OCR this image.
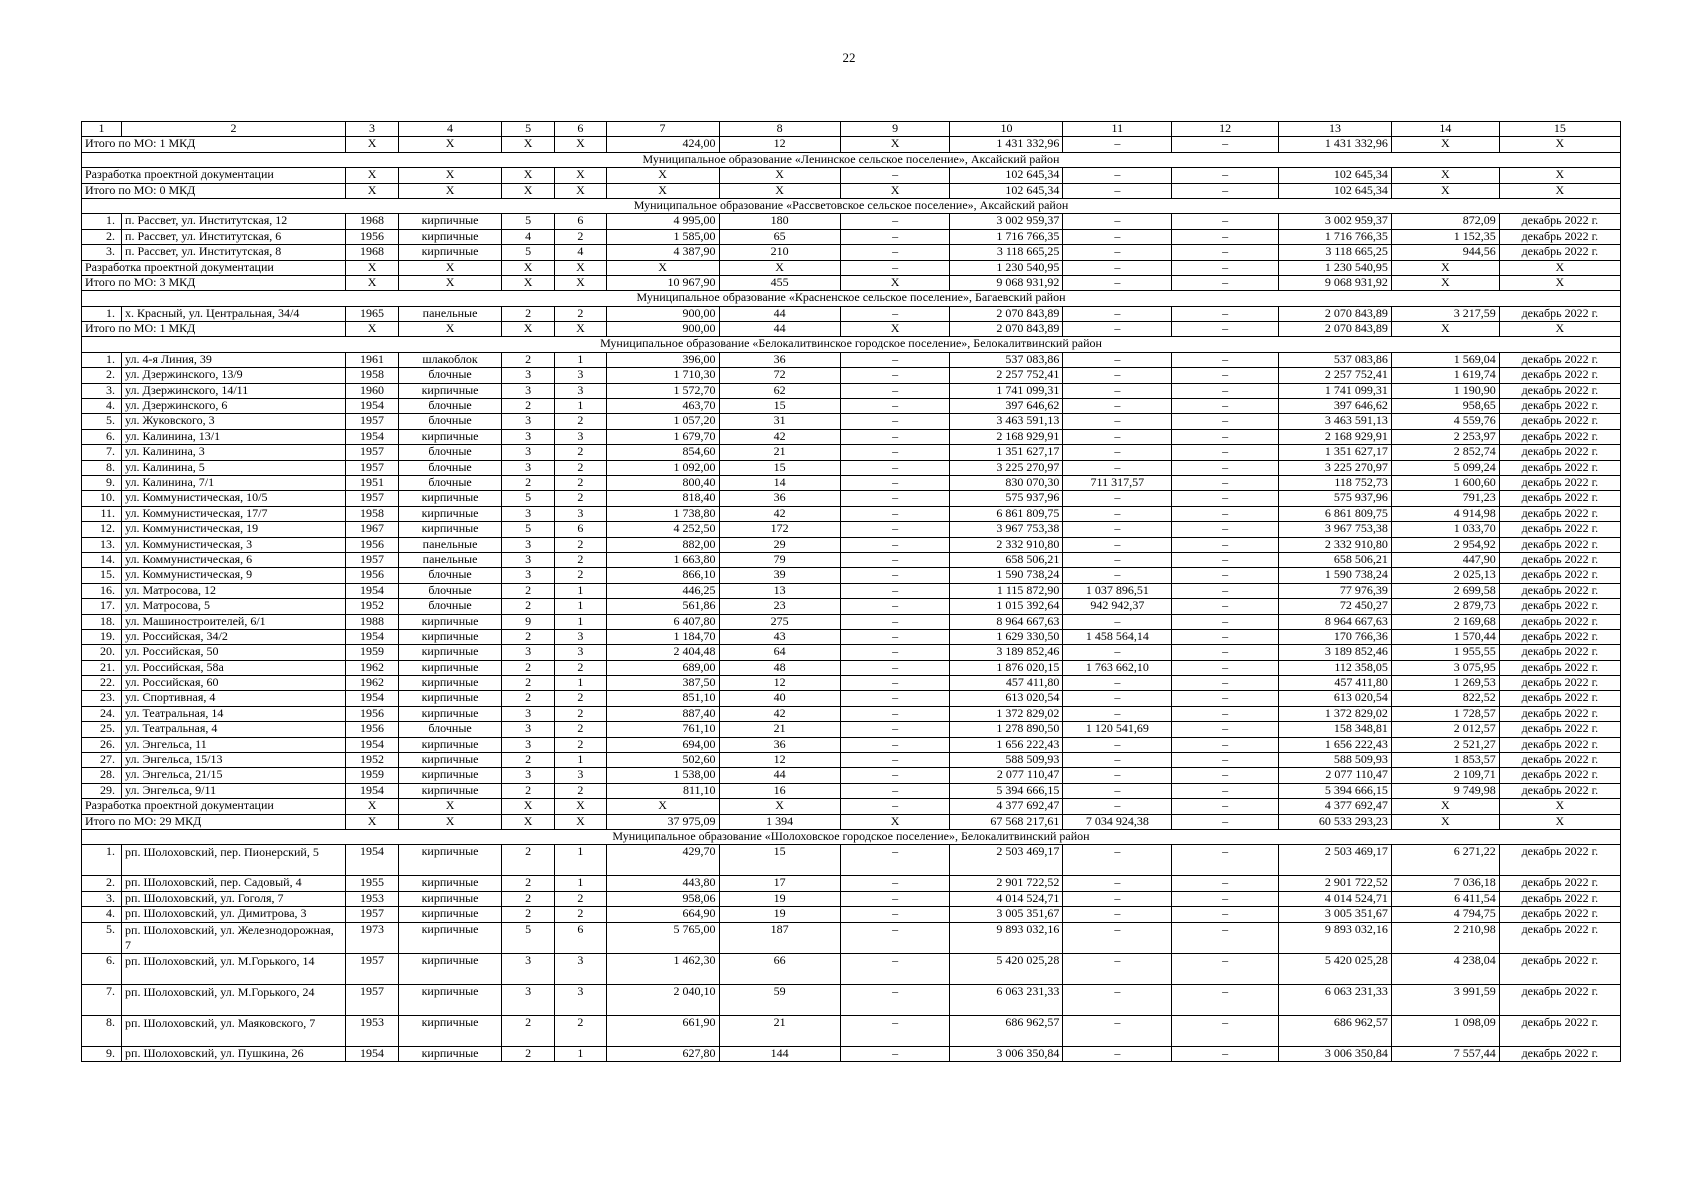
22
1	2	3	4	5	6	7	8	9	10	11	12	13	14	15
Итого по МО: 1 МКД		X	X	X	X	424,00	12	X	1 431 332,96	–	–	1 431 332,96	X	X
Муниципальное образование «Ленинское сельское поселение», Аксайский район														
Разработка проектной документации		X	X	X	X	X	X	–	102 645,34	–	–	102 645,34	X	X
Итого по МО: 0 МКД		X	X	X	X	X	X	X	102 645,34	–	–	102 645,34	X	X
Муниципальное образование «Рассветовское сельское поселение», Аксайский район														
1.	п. Рассвет, ул. Институтская, 12	1968	кирпичные	5	6	4 995,00	180	–	3 002 959,37	–	–	3 002 959,37	872,09	декабрь 2022 г.
2.	п. Рассвет, ул. Институтская, 6	1956	кирпичные	4	2	1 585,00	65	–	1 716 766,35	–	–	1 716 766,35	1 152,35	декабрь 2022 г.
3.	п. Рассвет, ул. Институтская, 8	1968	кирпичные	5	4	4 387,90	210	–	3 118 665,25	–	–	3 118 665,25	944,56	декабрь 2022 г.
Разработка проектной документации		X	X	X	X	X	X	–	1 230 540,95	–	–	1 230 540,95	X	X
Итого по МО: 3 МКД		X	X	X	X	10 967,90	455	X	9 068 931,92	–	–	9 068 931,92	X	X
Муниципальное образование «Красненское сельское поселение», Багаевский район														
1.	х. Красный, ул. Центральная, 34/4	1965	панельные	2	2	900,00	44	–	2 070 843,89	–	–	2 070 843,89	3 217,59	декабрь 2022 г.
Итого по МО: 1 МКД		X	X	X	X	900,00	44	X	2 070 843,89	–	–	2 070 843,89	X	X
Муниципальное образование «Белокалитвинское городское поселение», Белокалитвинский район														
1.	ул. 4-я Линия, 39	1961	шлакоблок	2	1	396,00	36	–	537 083,86	–	–	537 083,86	1 569,04	декабрь 2022 г.
2.	ул. Дзержинского, 13/9	1958	блочные	3	3	1 710,30	72	–	2 257 752,41	–	–	2 257 752,41	1 619,74	декабрь 2022 г.
3.	ул. Дзержинского, 14/11	1960	кирпичные	3	3	1 572,70	62	–	1 741 099,31	–	–	1 741 099,31	1 190,90	декабрь 2022 г.
4.	ул. Дзержинского, 6	1954	блочные	2	1	463,70	15	–	397 646,62	–	–	397 646,62	958,65	декабрь 2022 г.
5.	ул. Жуковского, 3	1957	блочные	3	2	1 057,20	31	–	3 463 591,13	–	–	3 463 591,13	4 559,76	декабрь 2022 г.
6.	ул. Калинина, 13/1	1954	кирпичные	3	3	1 679,70	42	–	2 168 929,91	–	–	2 168 929,91	2 253,97	декабрь 2022 г.
7.	ул. Калинина, 3	1957	блочные	3	2	854,60	21	–	1 351 627,17	–	–	1 351 627,17	2 852,74	декабрь 2022 г.
8.	ул. Калинина, 5	1957	блочные	3	2	1 092,00	15	–	3 225 270,97	–	–	3 225 270,97	5 099,24	декабрь 2022 г.
9.	ул. Калинина, 7/1	1951	блочные	2	2	800,40	14	–	830 070,30	711 317,57	–	118 752,73	1 600,60	декабрь 2022 г.
10.	ул. Коммунистическая, 10/5	1957	кирпичные	5	2	818,40	36	–	575 937,96	–	–	575 937,96	791,23	декабрь 2022 г.
11.	ул. Коммунистическая, 17/7	1958	кирпичные	3	3	1 738,80	42	–	6 861 809,75	–	–	6 861 809,75	4 914,98	декабрь 2022 г.
12.	ул. Коммунистическая, 19	1967	кирпичные	5	6	4 252,50	172	–	3 967 753,38	–	–	3 967 753,38	1 033,70	декабрь 2022 г.
13.	ул. Коммунистическая, 3	1956	панельные	3	2	882,00	29	–	2 332 910,80	–	–	2 332 910,80	2 954,92	декабрь 2022 г.
14.	ул. Коммунистическая, 6	1957	панельные	3	2	1 663,80	79	–	658 506,21	–	–	658 506,21	447,90	декабрь 2022 г.
15.	ул. Коммунистическая, 9	1956	блочные	3	2	866,10	39	–	1 590 738,24	–	–	1 590 738,24	2 025,13	декабрь 2022 г.
16.	ул. Матросова, 12	1954	блочные	2	1	446,25	13	–	1 115 872,90	1 037 896,51	–	77 976,39	2 699,58	декабрь 2022 г.
17.	ул. Матросова, 5	1952	блочные	2	1	561,86	23	–	1 015 392,64	942 942,37	–	72 450,27	2 879,73	декабрь 2022 г.
18.	ул. Машиностроителей, 6/1	1988	кирпичные	9	1	6 407,80	275	–	8 964 667,63	–	–	8 964 667,63	2 169,68	декабрь 2022 г.
19.	ул. Российская, 34/2	1954	кирпичные	2	3	1 184,70	43	–	1 629 330,50	1 458 564,14	–	170 766,36	1 570,44	декабрь 2022 г.
20.	ул. Российская, 50	1959	кирпичные	3	3	2 404,48	64	–	3 189 852,46	–	–	3 189 852,46	1 955,55	декабрь 2022 г.
21.	ул. Российская, 58а	1962	кирпичные	2	2	689,00	48	–	1 876 020,15	1 763 662,10	–	112 358,05	3 075,95	декабрь 2022 г.
22.	ул. Российская, 60	1962	кирпичные	2	1	387,50	12	–	457 411,80	–	–	457 411,80	1 269,53	декабрь 2022 г.
23.	ул. Спортивная, 4	1954	кирпичные	2	2	851,10	40	–	613 020,54	–	–	613 020,54	822,52	декабрь 2022 г.
24.	ул. Театральная, 14	1956	кирпичные	3	2	887,40	42	–	1 372 829,02	–	–	1 372 829,02	1 728,57	декабрь 2022 г.
25.	ул. Театральная, 4	1956	блочные	3	2	761,10	21	–	1 278 890,50	1 120 541,69	–	158 348,81	2 012,57	декабрь 2022 г.
26.	ул. Энгельса, 11	1954	кирпичные	3	2	694,00	36	–	1 656 222,43	–	–	1 656 222,43	2 521,27	декабрь 2022 г.
27.	ул. Энгельса, 15/13	1952	кирпичные	2	1	502,60	12	–	588 509,93	–	–	588 509,93	1 853,57	декабрь 2022 г.
28.	ул. Энгельса, 21/15	1959	кирпичные	3	3	1 538,00	44	–	2 077 110,47	–	–	2 077 110,47	2 109,71	декабрь 2022 г.
29.	ул. Энгельса, 9/11	1954	кирпичные	2	2	811,10	16	–	5 394 666,15	–	–	5 394 666,15	9 749,98	декабрь 2022 г.
Разработка проектной документации		X	X	X	X	X	X	–	4 377 692,47	–	–	4 377 692,47	X	X
Итого по МО: 29 МКД		X	X	X	X	37 975,09	1 394	X	67 568 217,61	7 034 924,38	–	60 533 293,23	X	X
Муниципальное образование «Шолоховское городское поселение», Белокалитвинский район														
1.	рп. Шолоховский, пер. Пионерский, 5	1954	кирпичные	2	1	429,70	15	–	2 503 469,17	–	–	2 503 469,17	6 271,22	декабрь 2022 г.
2.	рп. Шолоховский, пер. Садовый, 4	1955	кирпичные	2	1	443,80	17	–	2 901 722,52	–	–	2 901 722,52	7 036,18	декабрь 2022 г.
3.	рп. Шолоховский, ул. Гоголя, 7	1953	кирпичные	2	2	958,06	19	–	4 014 524,71	–	–	4 014 524,71	6 411,54	декабрь 2022 г.
4.	рп. Шолоховский, ул. Димитрова, 3	1957	кирпичные	2	2	664,90	19	–	3 005 351,67	–	–	3 005 351,67	4 794,75	декабрь 2022 г.
5.	рп. Шолоховский, ул. Железнодорожная, 7	1973	кирпичные	5	6	5 765,00	187	–	9 893 032,16	–	–	9 893 032,16	2 210,98	декабрь 2022 г.
6.	рп. Шолоховский, ул. М.Горького, 14	1957	кирпичные	3	3	1 462,30	66	–	5 420 025,28	–	–	5 420 025,28	4 238,04	декабрь 2022 г.
7.	рп. Шолоховский, ул. М.Горького, 24	1957	кирпичные	3	3	2 040,10	59	–	6 063 231,33	–	–	6 063 231,33	3 991,59	декабрь 2022 г.
8.	рп. Шолоховский, ул. Маяковского, 7	1953	кирпичные	2	2	661,90	21	–	686 962,57	–	–	686 962,57	1 098,09	декабрь 2022 г.
9.	рп. Шолоховский, ул. Пушкина, 26	1954	кирпичные	2	1	627,80	144	–	3 006 350,84	–	–	3 006 350,84	7 557,44	декабрь 2022 г.
